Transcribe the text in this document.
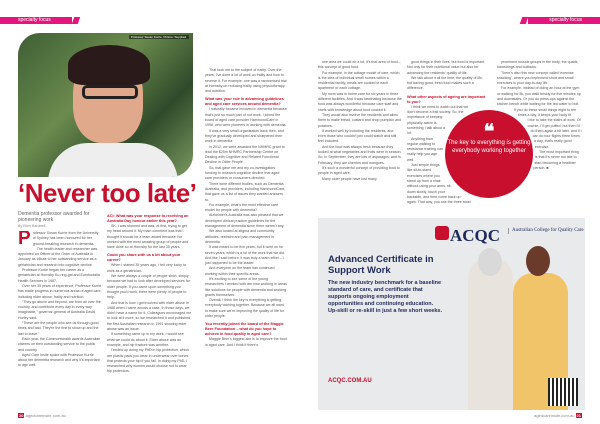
specialty focus	specialty focus
Professor Susan Kurrle. Picture: Supplied.
‘Never too late’
Dementia professor awarded for pioneering work
By Ellen Hardwell
P rofessor Susan Kurrle from the University of Sydney has been honoured for her ground-breaking research in dementia.

The health leader and researcher was appointed an Officer of the Order of Australia in January as tribute to her outstanding service as a geriatrician and research into cognitive decline.

Professor Kurrle began her career as a geriatrician at Hornsby Ku-ring-gai and Eurobodalla Health Services in 1987.

Over her 35 years of experience, Professor Kurrle has made progress in numerous areas of aged care, including elder abuse, frailty and nutrition.

“They go above and beyond, are from all over the country, and contribute every day in every way imaginable,” governor-general of Australia David Hurley said.

“These are the people who see us through good times and bad. They're the first to show up and the last to leave.”

Each year, the Commonwealth awards Australian citizens on their outstanding service to the public and country.

Aged Care Insite spoke with Professor Kurrle about her dementia research and why it's important to age well.

ACI: What was your response to receiving an Australia Day honour earlier this year?

SK: I was stunned and was, at first, trying to get my head around it. My main comment was that I thought it should be a team award because I've worked with the most amazing group of people and have done so at Hornsby for the last 35 years.

Could you share with us a bit about your career?

When I started 35 years ago, I felt very lucky to work as a geriatrician.

We were always a couple of people short, simply because we had to look after developed services for older people. If you came upon something you thought you'd work, there were plenty of people to help.

And that is how I got involved with elder abuse in 1988 when I came across a case. In those days, we didn't have a name for it. Colleagues encouraged me to look at it more, so we researched it and published the first Australian research in 1991 showing elder abuse was an issue.

If something came up in my work, I would see what we could do about it. Elder abuse was an example, and hip fracture was another.

I ended up doing my PhD in hip protection, which are plastic pads you wear in underwear over bones that protects your hip if you fall. In doing my PhD, I researched why women would choose not to wear hip protectors.

That took me to the subject of frailty. Over the years, I've done a lot of work on frailty and how to reverse it. For example, one was a randomised trial at Hornsby on reducing frailty using physiotherapy and nutrition.

What was your role in advancing guidelines and aged care services around dementia?

I naturally became involved in dementia because that's just so much part of our work. I joined the board of aged care provider HammondCare in 1998, who were pioneers in working with dementia.

It was a very small organisation back then, and they've gradually developed and sharpened their work in dementia.

In 2012, we were awarded the NHMRC grant to lead the $25m NHMRC Partnership Centre on Dealing with Cognitive and Related Functional Decline in Older People.

So, that gave me and my co-investigators funding to research cognitive decline that aged care providers or consumers directed.

There were different bodies, such as Dementia Australia, and providers, including HammondCare, that gave us a list of issues they wanted answers to.

For example, what's the most effective care model for people with dementia?

Alzheimer's Australia was also pleased that we developed clinical practice guidelines for the management of dementia since there weren't any.

We also looked at stigma and community attitudes, restraint and pain management in dementia.

It was meant to be five years, but it went on for seven years, which is a lot of the work that we did. And like I said before, it was truly a team effort – I just happened to be the leader.

And everyone on the team has continued working within their specific areas.

It's exciting to see some of the young researchers I worked with are now working in areas like solutions for people with dementia and working grants themselves.

Overall, I think the key is everything is getting everybody working together. Because we all want to make sure we're improving the quality of life for older people.

You recently joined the board of the Maggie Beer Foundation – what do you hope to achieve in food quality in aged care?

Maggie Beer's biggest aim is to improve the food in aged care. And I think if there's

one area we could do a lot, it's that area of food – this concept of good food.

For example, in the cottage model of care, which is the idea of individual small homes within a residential facility, meals are cooked in each apartment or each cottage.

My mom was in home care for six years in three different facilities. And it was fascinating because the food was always wonderful because care staff and chefs with knowledge about food cooked it.

They would also involve the residents and allow them to make bread, custard and chop pumpkin and potatoes.

It worked well by including the residents, and even those who couldn't join could watch and still feel included.

And the food was always fresh because they looked at what vegetables and fruits were in season. So, in September, they are lots of asparagus, and in February, they are cherries and mangoes.

It's such a wonderful concept of providing food to people in aged care.

Many older people have lost many

good things in their lives, but food is important. Not only for their nutritional value but also for advancing the residents' quality of life.

We talk about it all the time, the quality of life, but having good, fresh food makes such a difference.

What other aspects of ageing are important to you?

I think we need to watch out that we don't become a frail society. So, the importance of keeping physically active is something I talk about a lot.

Anything from regular walking to resistance training can really help you age well.

Just simple things like sit-to-stand exercises where you stand up from a chair without using your arms, sit down slowly, touch your backside, and then come back up again. That way, you use the three most

prominent muscle groups in the body, the quads, hamstrings and buttocks.

There's also this new concept called 'exercise snacking', where you implement short and small exercises in your day-to-day life.

For example, instead of doing an hour at the gym or walking for 5k, you walk briskly for five minutes up and downstairs. Or you do press-ups against the kitchen bench while waiting for the tea water to boil.

If you do these small things eight to ten times a day, it keeps your body fit.

I like to take the stairs at work. Of course, I'll get puffed, but then I'll do them again a bit later, and if I can do four flights three times a day, that's really good exercise.

The most important thing is that it's never too late to start becoming a healthier person. ■

❝
The key to everything is getting everybody working together
ACQC	Australian College for Quality Care
Advanced Certificate in Support Work

The new industry benchmark for a baseline standard of care, and certificate that supports ongoing employment opportunities and continuing education. Up-skill or re-skill in just a few short weeks.

ACQC.COM.AU
20 agedcareinsite.com.au	agedcareinsite.com.au 21
